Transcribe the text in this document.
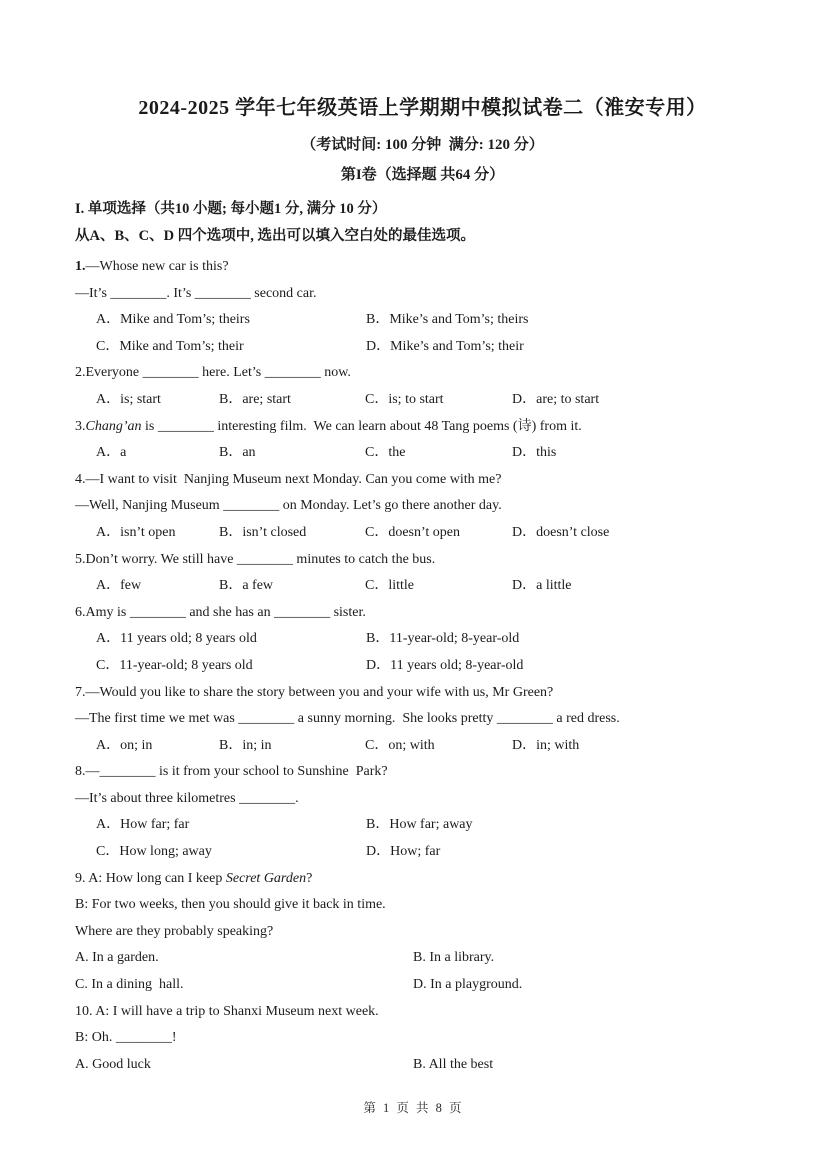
2024-2025 学年七年级英语上学期期中模拟试卷二（淮安专用）
（考试时间: 100 分钟  满分: 120 分）
第I卷（选择题 共64 分）
I. 单项选择（共10 小题; 每小题1 分, 满分 10 分）
从A、B、C、D 四个选项中, 选出可以填入空白处的最佳选项。
1.—Whose new car is this?
—It’s ________. It’s ________ second car.
A．Mike and Tom’s; theirs	B．Mike’s and Tom’s; theirs
C．Mike and Tom’s; their	D．Mike’s and Tom’s; their
2.Everyone ________ here. Let’s ________ now.
A．is; start	B．are; start	C．is; to start	D．are; to start
3.Chang’an is ________ interesting film.  We can learn about 48 Tang poems (诗) from it.
A．a	B．an	C．the	D．this
4.—I want to visit  Nanjing Museum next Monday. Can you come with me?
—Well, Nanjing Museum ________ on Monday. Let’s go there another day.
A．isn’t open	B．isn’t closed	C．doesn’t open	D．doesn’t close
5.Don’t worry. We still have ________ minutes to catch the bus.
A．few	B．a few	C．little	D．a little
6.Amy is ________ and she has an ________ sister.
A．11 years old; 8 years old	B．11-year-old; 8-year-old
C．11-year-old; 8 years old	D．11 years old; 8-year-old
7.—Would you like to share the story between you and your wife with us, Mr Green?
—The first time we met was ________ a sunny morning.  She looks pretty ________ a red dress.
A．on; in	B．in; in	C．on; with	D．in; with
8.—________ is it from your school to Sunshine  Park?
—It’s about three kilometres ________.
A．How far; far	B．How far; away
C．How long; away	D．How; far
9. A: How long can I keep Secret Garden?
B: For two weeks, then you should give it back in time.
Where are they probably speaking?
A. In a garden.	B. In a library.
C. In a dining  hall.	D. In a playground.
10. A: I will have a trip to Shanxi Museum next week.
B: Oh. ________!
A. Good luck	B. All the best
第 1 页 共 8 页
